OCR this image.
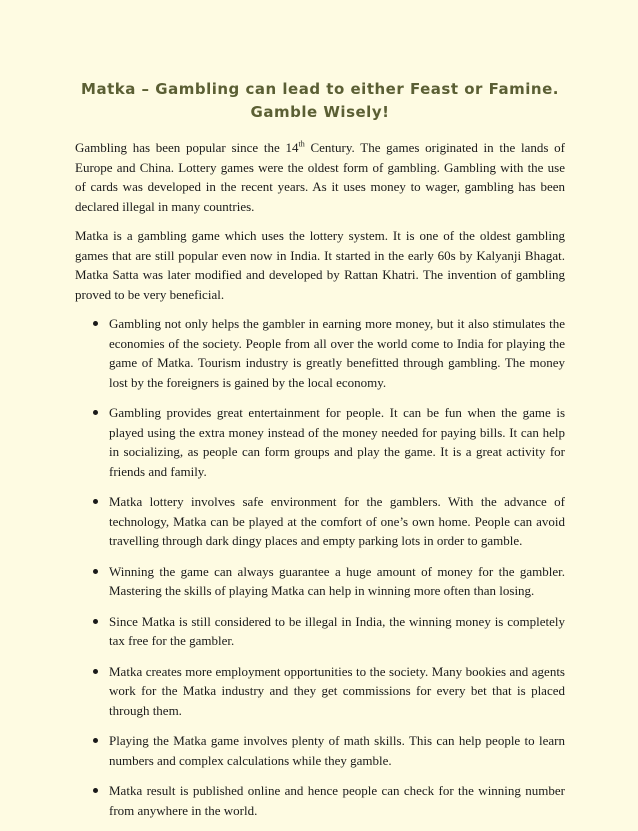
Matka – Gambling can lead to either Feast or Famine.
Gamble Wisely!

Gambling has been popular since the 14th Century. The games originated in the lands of Europe and China. Lottery games were the oldest form of gambling. Gambling with the use of cards was developed in the recent years. As it uses money to wager, gambling has been declared illegal in many countries.

Matka is a gambling game which uses the lottery system. It is one of the oldest gambling games that are still popular even now in India. It started in the early 60s by Kalyanji Bhagat. Matka Satta was later modified and developed by Rattan Khatri. The invention of gambling proved to be very beneficial.

Gambling not only helps the gambler in earning more money, but it also stimulates the economies of the society. People from all over the world come to India for playing the game of Matka. Tourism industry is greatly benefitted through gambling. The money lost by the foreigners is gained by the local economy.
Gambling provides great entertainment for people. It can be fun when the game is played using the extra money instead of the money needed for paying bills. It can help in socializing, as people can form groups and play the game. It is a great activity for friends and family.
Matka lottery involves safe environment for the gamblers. With the advance of technology, Matka can be played at the comfort of one’s own home. People can avoid travelling through dark dingy places and empty parking lots in order to gamble.
Winning the game can always guarantee a huge amount of money for the gambler. Mastering the skills of playing Matka can help in winning more often than losing.
Since Matka is still considered to be illegal in India, the winning money is completely tax free for the gambler.
Matka creates more employment opportunities to the society. Many bookies and agents work for the Matka industry and they get commissions for every bet that is placed through them.
Playing the Matka game involves plenty of math skills. This can help people to learn numbers and complex calculations while they gamble.
Matka result is published online and hence people can check for the winning number from anywhere in the world.
